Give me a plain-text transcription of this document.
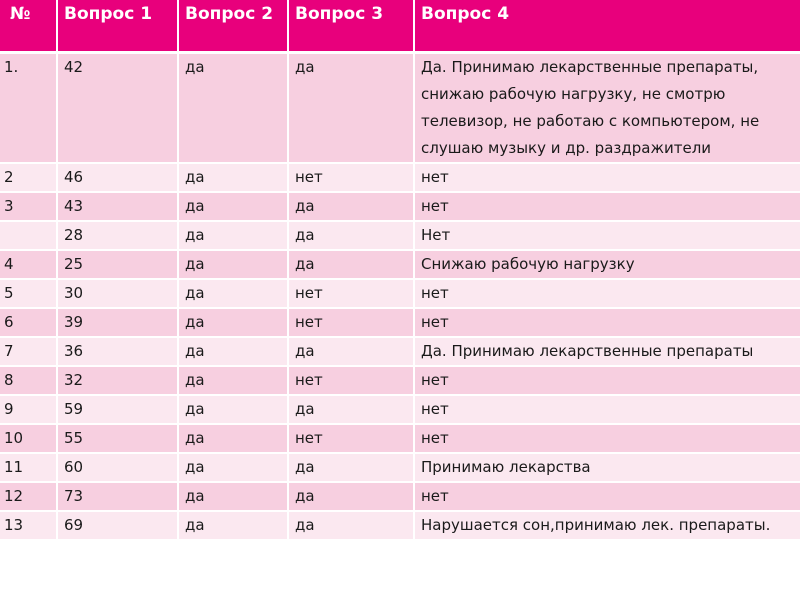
№	Вопрос 1	Вопрос 2	Вопрос 3	Вопрос 4
1.	42	да	да	Да. Принимаю лекарственные препараты, снижаю рабочую нагрузку, не смотрю телевизор, не работаю с компьютером, не слушаю музыку и др. раздражители
2	46	да	нет	нет
3	43	да	да	нет
	28	да	да	Нет
4	25	да	да	Снижаю рабочую нагрузку
5	30	да	нет	нет
6	39	да	нет	нет
7	36	да	да	Да. Принимаю лекарственные препараты
8	32	да	нет	нет
9	59	да	да	нет
10	55	да	нет	нет
11	60	да	да	Принимаю лекарства
12	73	да	да	нет
13	69	да	да	Нарушается сон,принимаю лек. препараты.
